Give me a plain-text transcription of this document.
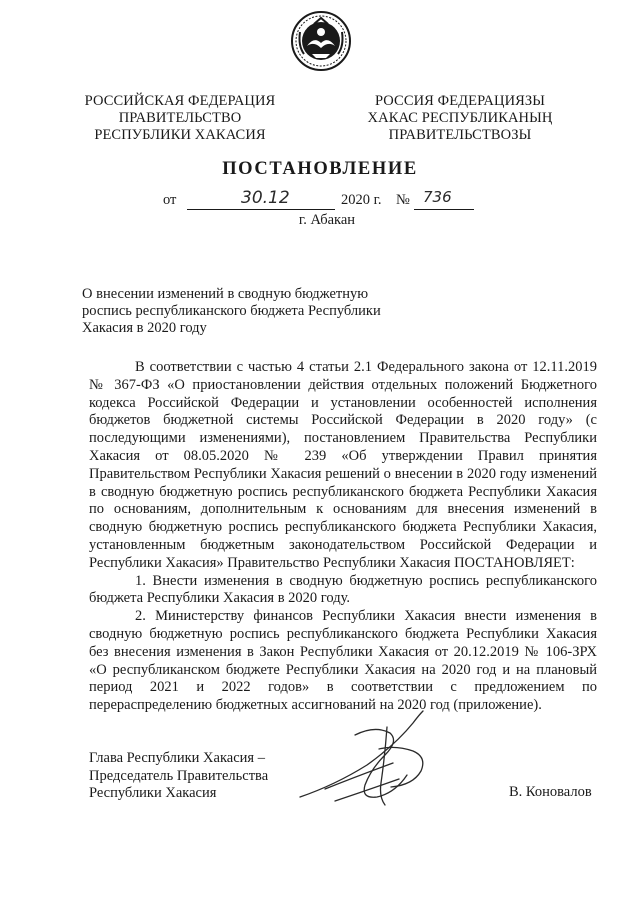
РОССИЙСКАЯ ФЕДЕРАЦИЯ
ПРАВИТЕЛЬСТВО
РЕСПУБЛИКИ ХАКАСИЯ
РОССИЯ ФЕДЕРАЦИЯЗЫ
ХАКАС РЕСПУБЛИКАНЫҢ
ПРАВИТЕЛЬСТВОЗЫ
ПОСТАНОВЛЕНИЕ
от	30.12	2020 г. № 736
г. Абакан
О внесении изменений в сводную бюджетную
роспись республиканского бюджета Республики
Хакасия в 2020 году

В соответствии с частью 4 статьи 2.1 Федерального закона от 12.11.2019 № 367-ФЗ «О приостановлении действия отдельных положений Бюджетного кодекса Российской Федерации и установлении особенностей исполнения бюджетов бюджетной системы Российской Федерации в 2020 году» (с последующими изменениями), постановлением Правительства Республики Хакасия от 08.05.2020 № 239 «Об утверждении Правил принятия Правительством Республики Хакасия решений о внесении в 2020 году изменений в сводную бюджетную роспись республиканского бюджета Республики Хакасия по основаниям, дополнительным к основаниям для внесения изменений в сводную бюджетную роспись республиканского бюджета Республики Хакасия, установленным бюджетным законодательством Российской Федерации и Республики Хакасия» Правительство Республики Хакасия ПОСТАНОВЛЯЕТ:

1. Внести изменения в сводную бюджетную роспись республиканского бюджета Республики Хакасия в 2020 году.

2. Министерству финансов Республики Хакасия внести изменения в сводную бюджетную роспись республиканского бюджета Республики Хакасия без внесения изменения в Закон Республики Хакасия от 20.12.2019 № 106-ЗРХ «О республиканском бюджете Республики Хакасия на 2020 год и на плановый период 2021 и 2022 годов» в соответствии с предложением по перераспределению бюджетных ассигнований на 2020 год (приложение).

Глава Республики Хакасия –
Председатель Правительства
Республики Хакасия	В. Коновалов
